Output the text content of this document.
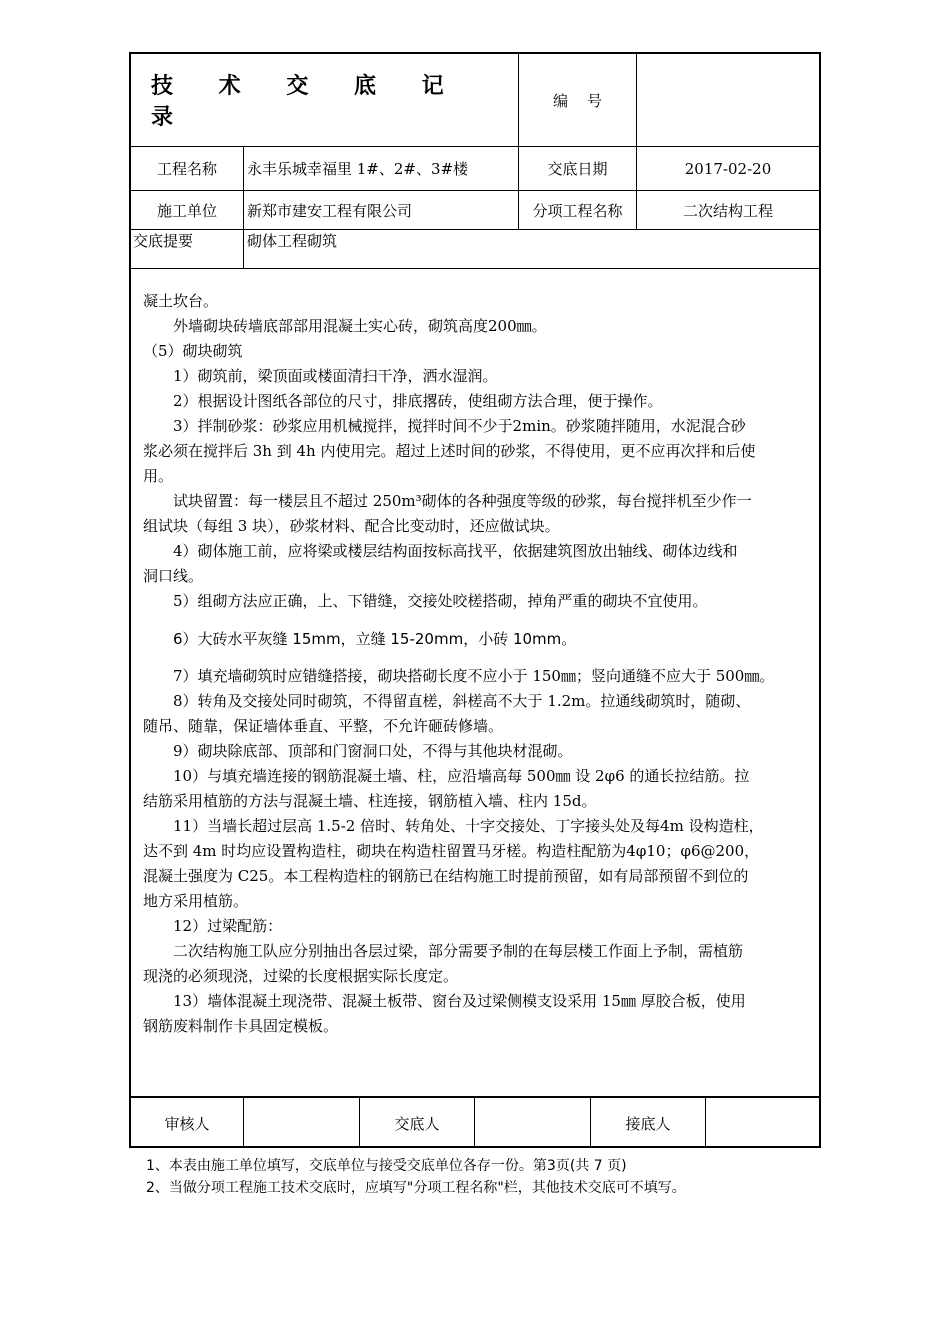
技 术 交 底 记 录
编    号
工程名称	永丰乐城幸福里 1#、2#、3#楼	交底日期	2017-02-20
施工单位	新郑市建安工程有限公司	分项工程名称	二次结构工程
交底提要	砌体工程砌筑
凝土坎台。
外墙砌块砖墙底部部用混凝土实心砖，砌筑高度200㎜。
（5）砌块砌筑
1）砌筑前，梁顶面或楼面清扫干净，洒水湿润。
2）根据设计图纸各部位的尺寸，排底撂砖，使组砌方法合理，便于操作。
3）拌制砂浆：砂浆应用机械搅拌，搅拌时间不少于2min。砂浆随拌随用，水泥混合砂
浆必须在搅拌后 3h 到 4h 内使用完。超过上述时间的砂浆，不得使用，更不应再次拌和后使
用。
试块留置：每一楼层且不超过 250m³砌体的各种强度等级的砂浆，每台搅拌机至少作一
组试块（每组 3 块），砂浆材料、配合比变动时，还应做试块。
4）砌体施工前，应将梁或楼层结构面按标高找平，依据建筑图放出轴线、砌体边线和
洞口线。
5）组砌方法应正确，上、下错缝，交接处咬槎搭砌，掉角严重的砌块不宜使用。
6）大砖水平灰缝 15mm，立缝 15-20mm，小砖 10mm。
7）填充墙砌筑时应错缝搭接，砌块搭砌长度不应小于 150㎜；竖向通缝不应大于 500㎜。
8）转角及交接处同时砌筑，不得留直槎，斜槎高不大于 1.2m。拉通线砌筑时，随砌、
随吊、随靠，保证墙体垂直、平整，不允许砸砖修墙。
9）砌块除底部、顶部和门窗洞口处，不得与其他块材混砌。
10）与填充墙连接的钢筋混凝土墙、柱，应沿墙高每 500㎜ 设 2φ6 的通长拉结筋。拉
结筋采用植筋的方法与混凝土墙、柱连接，钢筋植入墙、柱内 15d。
11）当墙长超过层高 1.5-2 倍时、转角处、十字交接处、丁字接头处及每4m 设构造柱，
达不到 4m 时均应设置构造柱，砌块在构造柱留置马牙槎。构造柱配筋为4φ10；φ6@200，
混凝土强度为 C25。本工程构造柱的钢筋已在结构施工时提前预留，如有局部预留不到位的
地方采用植筋。
12）过梁配筋：
二次结构施工队应分别抽出各层过梁，部分需要予制的在每层楼工作面上予制，需植筋
现浇的必须现浇，过梁的长度根据实际长度定。
13）墙体混凝土现浇带、混凝土板带、窗台及过梁侧模支设采用 15㎜ 厚胶合板，使用
钢筋废料制作卡具固定模板。
审核人	交底人	接底人
1、本表由施工单位填写，交底单位与接受交底单位各存一份。第3页(共 7 页)
2、当做分项工程施工技术交底时，应填写"分项工程名称"栏，其他技术交底可不填写。
